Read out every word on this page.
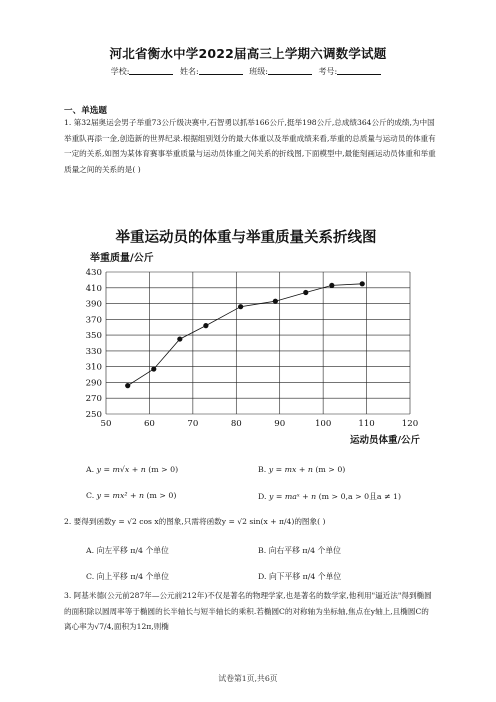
河北省衡水中学2022届高三上学期六调数学试题
学校:	姓名:	班级:	考号:
一、单选题
1. 第32届奥运会男子举重73公斤级决赛中,石智勇以抓举166公斤,挺举198公斤,总成绩364公斤的成绩,为中国举重队再添一金,创造新的世界纪录.根据组别划分的最大体重以及举重成绩来看,举重的总质量与运动员的体重有一定的关系,如图为某体育赛事举重质量与运动员体重之间关系的折线图,下面模型中,最能刻画运动员体重和举重质量之间的关系的是( )
举重运动员的体重与举重质量关系折线图
举重质量/公斤
运动员体重/公斤
250
270
290
310
330
350
370
390
410
430
50	60	70	80	90	100	110	120
A. y = m√x + n (m > 0)	B. y = mx + n (m > 0)
C. y = mx² + n (m > 0)	D. y = maˣ + n (m > 0,a > 0且a ≠ 1)
2. 要得到函数y = √2 cos x的图象,只需将函数y = √2 sin(x + π/4)的图象( )
A. 向左平移 π/4 个单位	B. 向右平移 π/4 个单位
C. 向上平移 π/4 个单位	D. 向下平移 π/4 个单位
3. 阿基米德(公元前287年—公元前212年)不仅是著名的物理学家,也是著名的数学家,他利用"逼近法"得到椭圆的面积除以圆周率等于椭圆的长半轴长与短半轴长的乘积.若椭圆C的对称轴为坐标轴,焦点在y轴上,且椭圆C的离心率为√7/4,面积为12π,则椭
试卷第1页,共6页
